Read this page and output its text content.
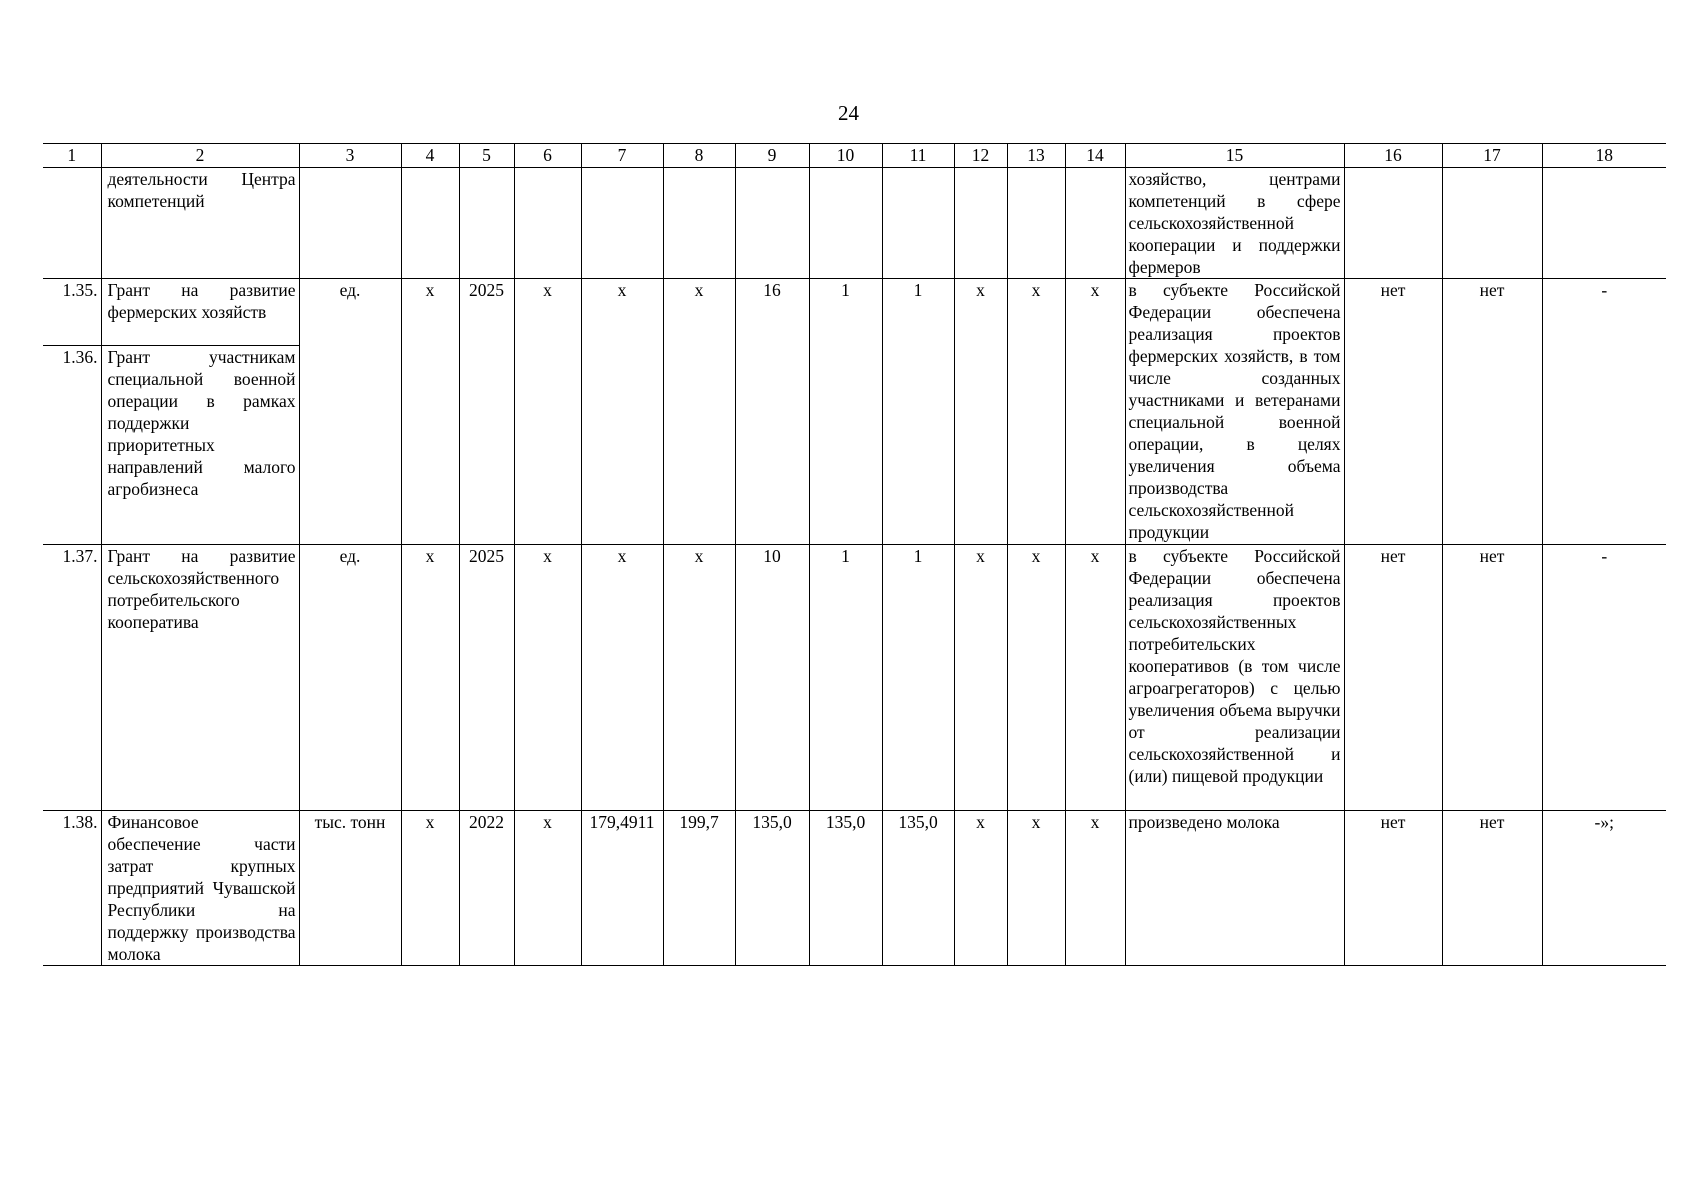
24
1	2	3	4	5	6	7	8	9	10	11	12	13	14	15	16	17	18
	деятельности Центра компетенций													хозяйство, центрами компетенций в сфере сельскохозяйственной кооперации и поддержки фермеров			
1.35.	Грант на развитие фермерских хозяйств	ед.	х	2025	х	х	х	16	1	1	х	х	х	в субъекте Российской Федерации обеспечена реализация проектов фермерских хозяйств, в том числе созданных участниками и ветеранами специальной военной операции, в целях увеличения объема производства сельскохозяйственной продукции	нет	нет	-
1.36.	Грант участникам специальной военной операции в рамках поддержки приоритетных направлений малого агробизнеса																
1.37.	Грант на развитие сельскохозяйственного потребительского кооператива	ед.	х	2025	х	х	х	10	1	1	х	х	х	в субъекте Российской Федерации обеспечена реализация проектов сельскохозяйственных потребительских кооперативов (в том числе агроагрегаторов) с целью увеличения объема выручки от реализации сельскохозяйственной и (или) пищевой продукции	нет	нет	-
1.38.	Финансовое обеспечение части затрат крупных предприятий Чувашской Республики на поддержку производства молока	тыс. тонн	х	2022	х	179,4911	199,7	135,0	135,0	135,0	х	х	х	произведено молока	нет	нет	-»;
